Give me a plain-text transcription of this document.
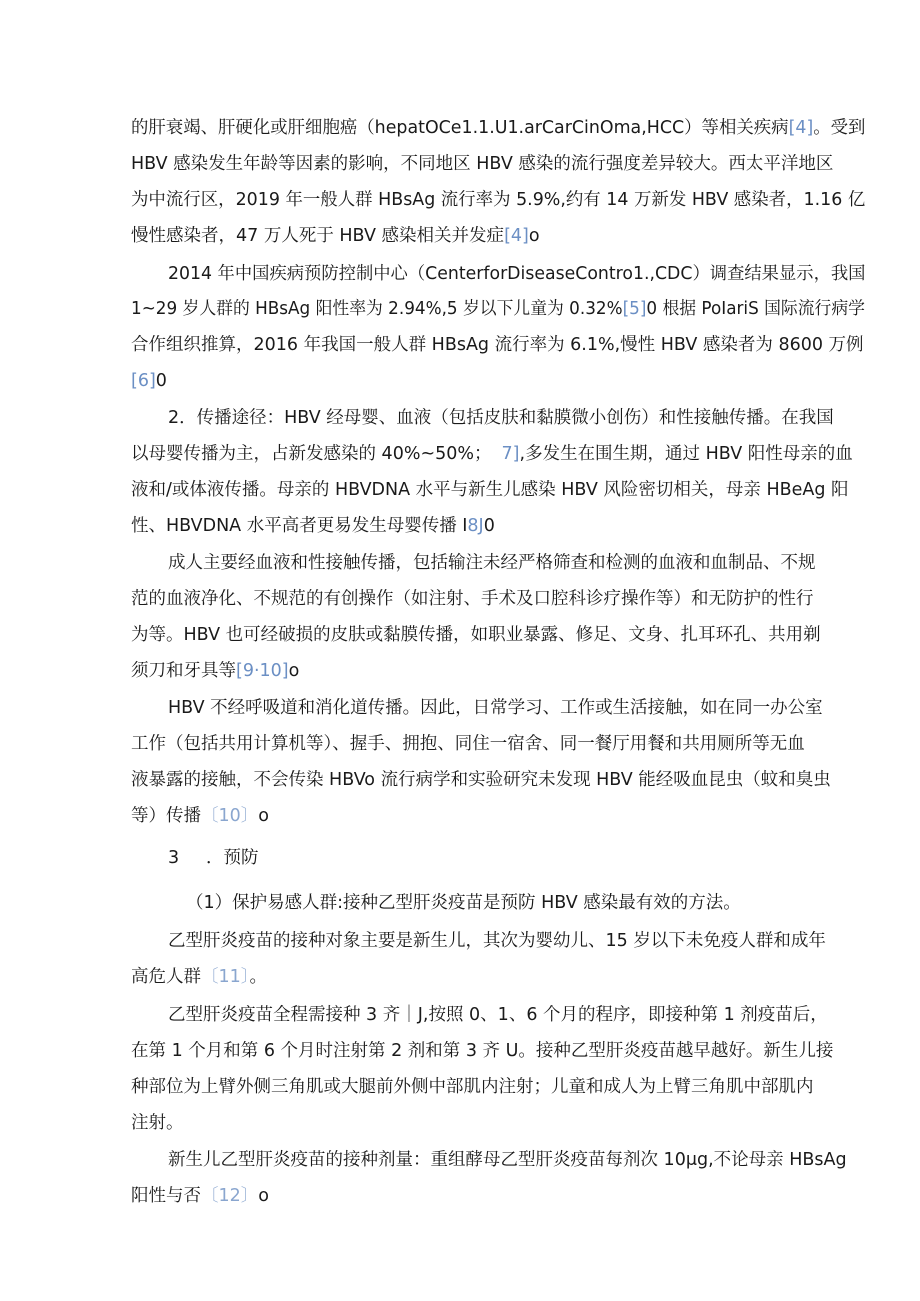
的肝衰竭、肝硬化或肝细胞癌（hepatOCe1.1.U1.arCarCinOma,HCC）等相关疾病[4]。受到
HBV 感染发生年龄等因素的影响，不同地区 HBV 感染的流行强度差异较大。西太平洋地区
为中流行区，2019 年一般人群 HBsAg 流行率为 5.9%,约有 14 万新发 HBV 感染者，1.16 亿
慢性感染者，47 万人死于 HBV 感染相关并发症[4]o
2014 年中国疾病预防控制中心（CenterforDiseaseContro1.,CDC）调查结果显示，我国
1~29 岁人群的 HBsAg 阳性率为 2.94%,5 岁以下儿童为 0.32%[5]0 根据 PoIariS 国际流行病学
合作组织推算，2016 年我国一般人群 HBsAg 流行率为 6.1%,慢性 HBV 感染者为 8600 万例
[6]0
2．传播途径：HBV 经母婴、血液（包括皮肤和黏膜微小创伤）和性接触传播。在我国
以母婴传播为主，占新发感染的 40%~50%； 7],多发生在围生期，通过 HBV 阳性母亲的血
液和/或体液传播。母亲的 HBVDNA 水平与新生儿感染 HBV 风险密切相关，母亲 HBeAg 阳
性、HBVDNA 水平高者更易发生母婴传播 I8J0
成人主要经血液和性接触传播，包括输注未经严格筛查和检测的血液和血制品、不规
范的血液净化、不规范的有创操作（如注射、手术及口腔科诊疗操作等）和无防护的性行
为等。HBV 也可经破损的皮肤或黏膜传播，如职业暴露、修足、文身、扎耳环孔、共用剃
须刀和牙具等[9·10]o
HBV 不经呼吸道和消化道传播。因此，日常学习、工作或生活接触，如在同一办公室
工作（包括共用计算机等）、握手、拥抱、同住一宿舍、同一餐厅用餐和共用厕所等无血
液暴露的接触，不会传染 HBVo 流行病学和实验研究未发现 HBV 能经吸血昆虫（蚊和臭虫
等）传播〔10〕o
3 ．预防
（1）保护易感人群:接种乙型肝炎疫苗是预防 HBV 感染最有效的方法。
乙型肝炎疫苗的接种对象主要是新生儿，其次为婴幼儿、15 岁以下未免疫人群和成年
高危人群〔11〕。
乙型肝炎疫苗全程需接种 3 齐｜J,按照 0、1、6 个月的程序，即接种第 1 剂疫苗后，
在第 1 个月和第 6 个月时注射第 2 剂和第 3 齐 U。接种乙型肝炎疫苗越早越好。新生儿接
种部位为上臂外侧三角肌或大腿前外侧中部肌内注射；儿童和成人为上臂三角肌中部肌内
注射。
新生儿乙型肝炎疫苗的接种剂量：重组酵母乙型肝炎疫苗每剂次 10μg,不论母亲 HBsAg
阳性与否〔12〕o
